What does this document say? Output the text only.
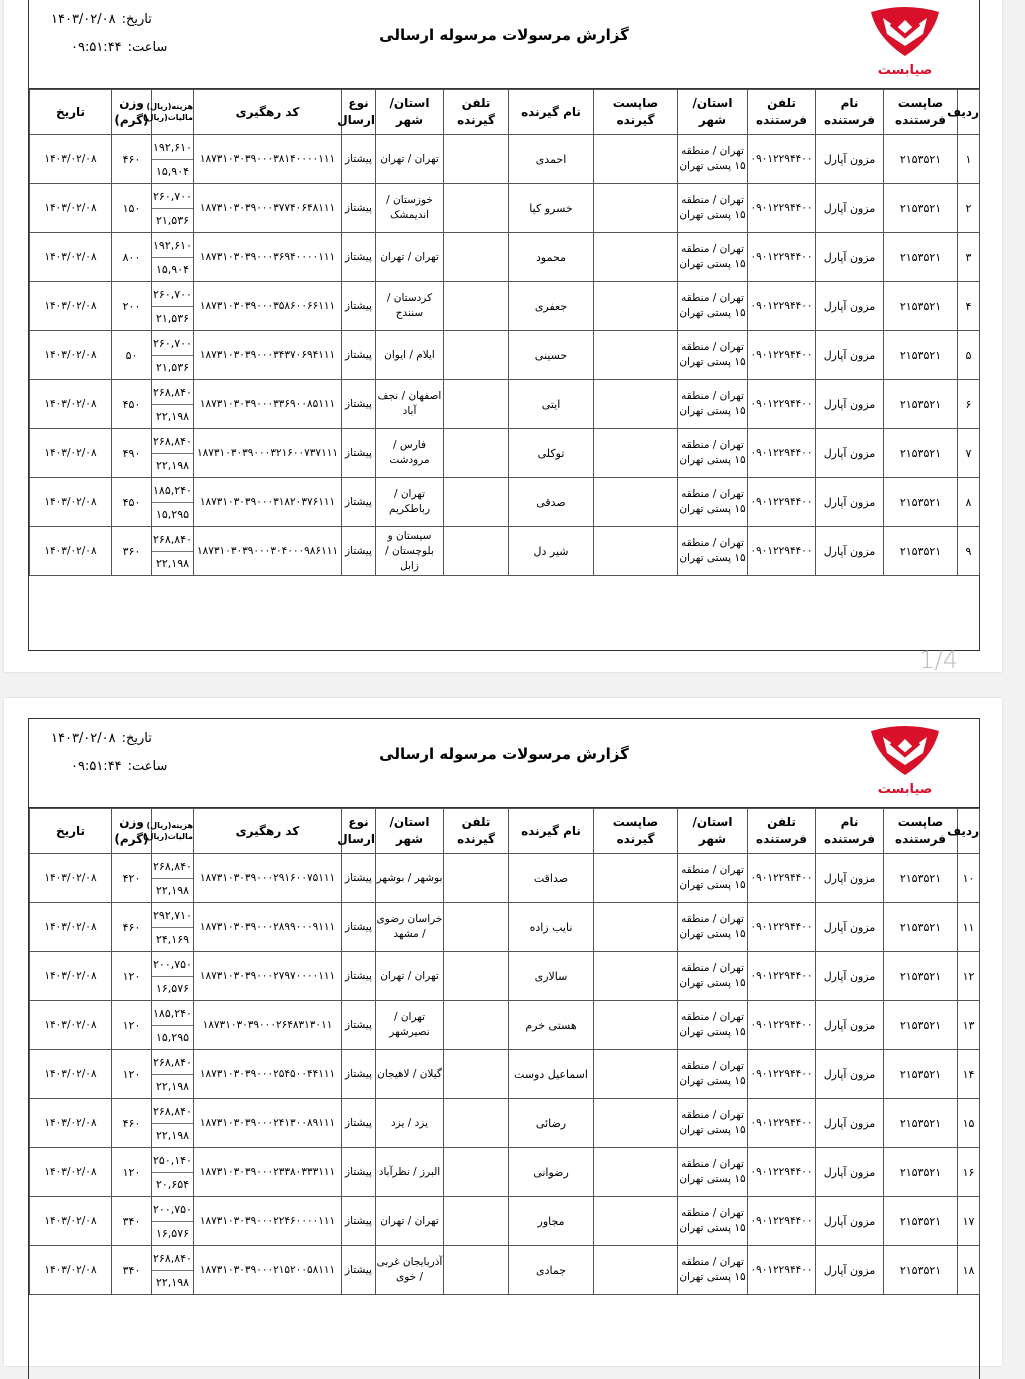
تاریخ:۱۴۰۳/۰۲/۰۸
ساعت:۰۹:۵۱:۴۴
گزارش مرسولات مرسوله ارسالی
صیابست
ردیف	صاپست فرستنده	نام فرستنده	تلفن فرستنده	استان/ شهر	صاپست گیرنده	نام گیرنده	تلفن گیرنده	استان/ شهر	نوع ارسال	کد رهگیری	هزینه(ریال)
مالیات(ریال)	وزن (گرم)	تاریخ
۱	۲۱۵۳۵۲۱	مزون آپارل	۰۹۰۱۲۲۹۴۴۰۰	تهران / منطقه ۱۵ پستی تهران		احمدی		تهران / تهران	پیشتاز	۱۸۷۳۱۰۳۰۳۹۰۰۰۳۸۱۴۰۰۰۰۱۱۱	۱۹۲,۶۱۰
۱۵,۹۰۴	۴۶۰	۱۴۰۳/۰۲/۰۸
۲	۲۱۵۳۵۲۱	مزون آپارل	۰۹۰۱۲۲۹۴۴۰۰	تهران / منطقه ۱۵ پستی تهران		خسرو کیا		خوزستان / اندیمشک	پیشتاز	۱۸۷۳۱۰۳۰۳۹۰۰۰۳۷۷۴۰۶۴۸۱۱۱	۲۶۰,۷۰۰
۲۱,۵۳۶	۱۵۰	۱۴۰۳/۰۲/۰۸
۳	۲۱۵۳۵۲۱	مزون آپارل	۰۹۰۱۲۲۹۴۴۰۰	تهران / منطقه ۱۵ پستی تهران		محمود		تهران / تهران	پیشتاز	۱۸۷۳۱۰۳۰۳۹۰۰۰۳۶۹۴۰۰۰۰۱۱۱	۱۹۲,۶۱۰
۱۵,۹۰۴	۸۰۰	۱۴۰۳/۰۲/۰۸
۴	۲۱۵۳۵۲۱	مزون آپارل	۰۹۰۱۲۲۹۴۴۰۰	تهران / منطقه ۱۵ پستی تهران		جعفری		کردستان / سنندج	پیشتاز	۱۸۷۳۱۰۳۰۳۹۰۰۰۳۵۸۶۰۰۶۶۱۱۱	۲۶۰,۷۰۰
۲۱,۵۳۶	۲۰۰	۱۴۰۳/۰۲/۰۸
۵	۲۱۵۳۵۲۱	مزون آپارل	۰۹۰۱۲۲۹۴۴۰۰	تهران / منطقه ۱۵ پستی تهران		حسینی		ایلام / ایوان	پیشتاز	۱۸۷۳۱۰۳۰۳۹۰۰۰۳۴۳۷۰۶۹۴۱۱۱	۲۶۰,۷۰۰
۲۱,۵۳۶	۵۰	۱۴۰۳/۰۲/۰۸
۶	۲۱۵۳۵۲۱	مزون آپارل	۰۹۰۱۲۲۹۴۴۰۰	تهران / منطقه ۱۵ پستی تهران		ایتی		اصفهان / نجف آباد	پیشتاز	۱۸۷۳۱۰۳۰۳۹۰۰۰۳۳۶۹۰۰۸۵۱۱۱	۲۶۸,۸۴۰
۲۲,۱۹۸	۴۵۰	۱۴۰۳/۰۲/۰۸
۷	۲۱۵۳۵۲۱	مزون آپارل	۰۹۰۱۲۲۹۴۴۰۰	تهران / منطقه ۱۵ پستی تهران		توکلی		فارس / مرودشت	پیشتاز	۱۸۷۳۱۰۳۰۳۹۰۰۰۳۲۱۶۰۰۷۳۷۱۱۱	۲۶۸,۸۴۰
۲۲,۱۹۸	۴۹۰	۱۴۰۳/۰۲/۰۸
۸	۲۱۵۳۵۲۱	مزون آپارل	۰۹۰۱۲۲۹۴۴۰۰	تهران / منطقه ۱۵ پستی تهران		صدقی		تهران / رباطکریم	پیشتاز	۱۸۷۳۱۰۳۰۳۹۰۰۰۳۱۸۲۰۳۷۶۱۱۱	۱۸۵,۲۴۰
۱۵,۲۹۵	۴۵۰	۱۴۰۳/۰۲/۰۸
۹	۲۱۵۳۵۲۱	مزون آپارل	۰۹۰۱۲۲۹۴۴۰۰	تهران / منطقه ۱۵ پستی تهران		شیر دل		سیستان و بلوچستان / زابل	پیشتاز	۱۸۷۳۱۰۳۰۳۹۰۰۰۳۰۴۰۰۰۹۸۶۱۱۱	۲۶۸,۸۴۰
۲۲,۱۹۸	۳۶۰	۱۴۰۳/۰۲/۰۸
1/4
تاریخ:۱۴۰۳/۰۲/۰۸
ساعت:۰۹:۵۱:۴۴
گزارش مرسولات مرسوله ارسالی
صیابست
ردیف	صاپست فرستنده	نام فرستنده	تلفن فرستنده	استان/ شهر	صاپست گیرنده	نام گیرنده	تلفن گیرنده	استان/ شهر	نوع ارسال	کد رهگیری	هزینه(ریال)
مالیات(ریال)	وزن (گرم)	تاریخ
۱۰	۲۱۵۳۵۲۱	مزون آپارل	۰۹۰۱۲۲۹۴۴۰۰	تهران / منطقه ۱۵ پستی تهران		صداقت		بوشهر / بوشهر	پیشتاز	۱۸۷۳۱۰۳۰۳۹۰۰۰۲۹۱۶۰۰۷۵۱۱۱	۲۶۸,۸۴۰
۲۲,۱۹۸	۴۲۰	۱۴۰۳/۰۲/۰۸
۱۱	۲۱۵۳۵۲۱	مزون آپارل	۰۹۰۱۲۲۹۴۴۰۰	تهران / منطقه ۱۵ پستی تهران		نایب زاده		خراسان رضوی / مشهد	پیشتاز	۱۸۷۳۱۰۳۰۳۹۰۰۰۲۸۹۹۰۰۰۹۱۱۱	۲۹۲,۷۱۰
۲۴,۱۶۹	۴۶۰	۱۴۰۳/۰۲/۰۸
۱۲	۲۱۵۳۵۲۱	مزون آپارل	۰۹۰۱۲۲۹۴۴۰۰	تهران / منطقه ۱۵ پستی تهران		سالاری		تهران / تهران	پیشتاز	۱۸۷۳۱۰۳۰۳۹۰۰۰۲۷۹۷۰۰۰۰۱۱۱	۲۰۰,۷۵۰
۱۶,۵۷۶	۱۲۰	۱۴۰۳/۰۲/۰۸
۱۳	۲۱۵۳۵۲۱	مزون آپارل	۰۹۰۱۲۲۹۴۴۰۰	تهران / منطقه ۱۵ پستی تهران		هستی خرم		تهران / نصیرشهر	پیشتاز	۱۸۷۳۱۰۳۰۳۹۰۰۰۲۶۴۸۳۱۳۰۱۱	۱۸۵,۲۴۰
۱۵,۲۹۵	۱۲۰	۱۴۰۳/۰۲/۰۸
۱۴	۲۱۵۳۵۲۱	مزون آپارل	۰۹۰۱۲۲۹۴۴۰۰	تهران / منطقه ۱۵ پستی تهران		اسماعیل دوست		گیلان / لاهیجان	پیشتاز	۱۸۷۳۱۰۳۰۳۹۰۰۰۲۵۴۵۰۰۴۴۱۱۱	۲۶۸,۸۴۰
۲۲,۱۹۸	۱۲۰	۱۴۰۳/۰۲/۰۸
۱۵	۲۱۵۳۵۲۱	مزون آپارل	۰۹۰۱۲۲۹۴۴۰۰	تهران / منطقه ۱۵ پستی تهران		رضائی		یزد / یزد	پیشتاز	۱۸۷۳۱۰۳۰۳۹۰۰۰۲۴۱۳۰۰۸۹۱۱۱	۲۶۸,۸۴۰
۲۲,۱۹۸	۴۶۰	۱۴۰۳/۰۲/۰۸
۱۶	۲۱۵۳۵۲۱	مزون آپارل	۰۹۰۱۲۲۹۴۴۰۰	تهران / منطقه ۱۵ پستی تهران		رضوانی		البرز / نظرآباد	پیشتاز	۱۸۷۳۱۰۳۰۳۹۰۰۰۲۳۳۸۰۳۳۳۱۱۱	۲۵۰,۱۴۰
۲۰,۶۵۴	۱۲۰	۱۴۰۳/۰۲/۰۸
۱۷	۲۱۵۳۵۲۱	مزون آپارل	۰۹۰۱۲۲۹۴۴۰۰	تهران / منطقه ۱۵ پستی تهران		مجاور		تهران / تهران	پیشتاز	۱۸۷۳۱۰۳۰۳۹۰۰۰۲۲۴۶۰۰۰۰۱۱۱	۲۰۰,۷۵۰
۱۶,۵۷۶	۳۴۰	۱۴۰۳/۰۲/۰۸
۱۸	۲۱۵۳۵۲۱	مزون آپارل	۰۹۰۱۲۲۹۴۴۰۰	تهران / منطقه ۱۵ پستی تهران		جمادی		آذربایجان غربی / خوی	پیشتاز	۱۸۷۳۱۰۳۰۳۹۰۰۰۲۱۵۲۰۰۵۸۱۱۱	۲۶۸,۸۴۰
۲۲,۱۹۸	۳۴۰	۱۴۰۳/۰۲/۰۸
